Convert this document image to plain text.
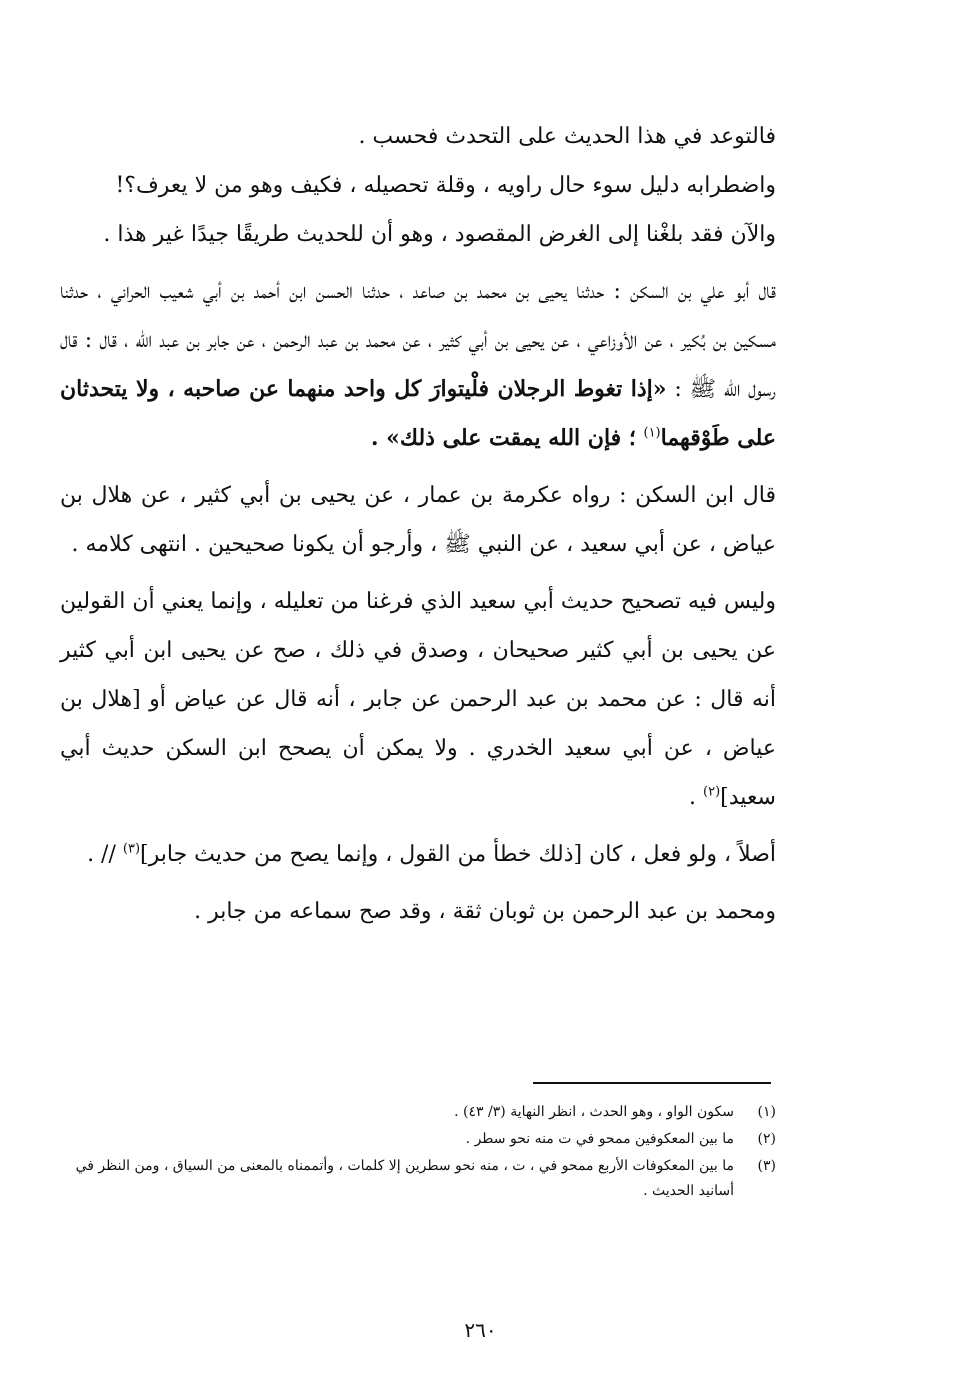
فالتوعد في هذا الحديث على التحدث فحسب .

واضطرابه دليل سوء حال راويه ، وقلة تحصيله ، فكيف وهو من لا يعرف؟!

والآن فقد بلغْنا إلى الغرض المقصود ، وهو أن للحديث طريقًا جيدًا غير هذا .

قال أبو علي بن السكن : حدثنا يحيى بن محمد بن صاعد ، حدثنا الحسن ابن أحمد بن أبي شعيب الحراني ، حدثنا مسكين بن بُكير ، عن الأوزاعي ، عن يحيى بن أبي كثير ، عن محمد بن عبد الرحمن ، عن جابر بن عبد الله ، قال : قال رسول الله ﷺ : «إذا تغوط الرجلان فلْيتوارَ كل واحد منهما عن صاحبه ، ولا يتحدثان على طَوْقهما$^{(١)}$ ؛ فإن الله يمقت على ذلك» .

قال ابن السكن : رواه عكرمة بن عمار ، عن يحيى بن أبي كثير ، عن هلال بن عياض ، عن أبي سعيد ، عن النبي ﷺ ، وأرجو أن يكونا صحيحين . انتهى كلامه .

وليس فيه تصحيح حديث أبي سعيد الذي فرغنا من تعليله ، وإنما يعني أن القولين عن يحيى بن أبي كثير صحيحان ، وصدق في ذلك ، صح عن يحيى ابن أبي كثير أنه قال : عن محمد بن عبد الرحمن عن جابر ، أنه قال عن عياض أو [هلال بن عياض ، عن أبي سعيد الخدري . ولا يمكن أن يصحح ابن السكن حديث أبي سعيد]$^{(٢)}$ .

أصلاً ، ولو فعل ، كان [ذلك خطأ من القول ، وإنما يصح من حديث جابر]$^{(٣)}$ // .

ومحمد بن عبد الرحمن بن ثوبان ثقة ، وقد صح سماعه من جابر .

(١)
سكون الواو ، وهو الحدث ، انظر النهاية (٣/ ٤٣) .
(٢)
ما بين المعكوفين ممحو في ت منه نحو سطر .
(٣)
ما بين المعكوفات الأربع ممحو في ، ت ، منه نحو سطرين إلا كلمات ، وأتممناه بالمعنى من السياق ، ومن النظر في أسانيد الحديث .
٢٦٠
